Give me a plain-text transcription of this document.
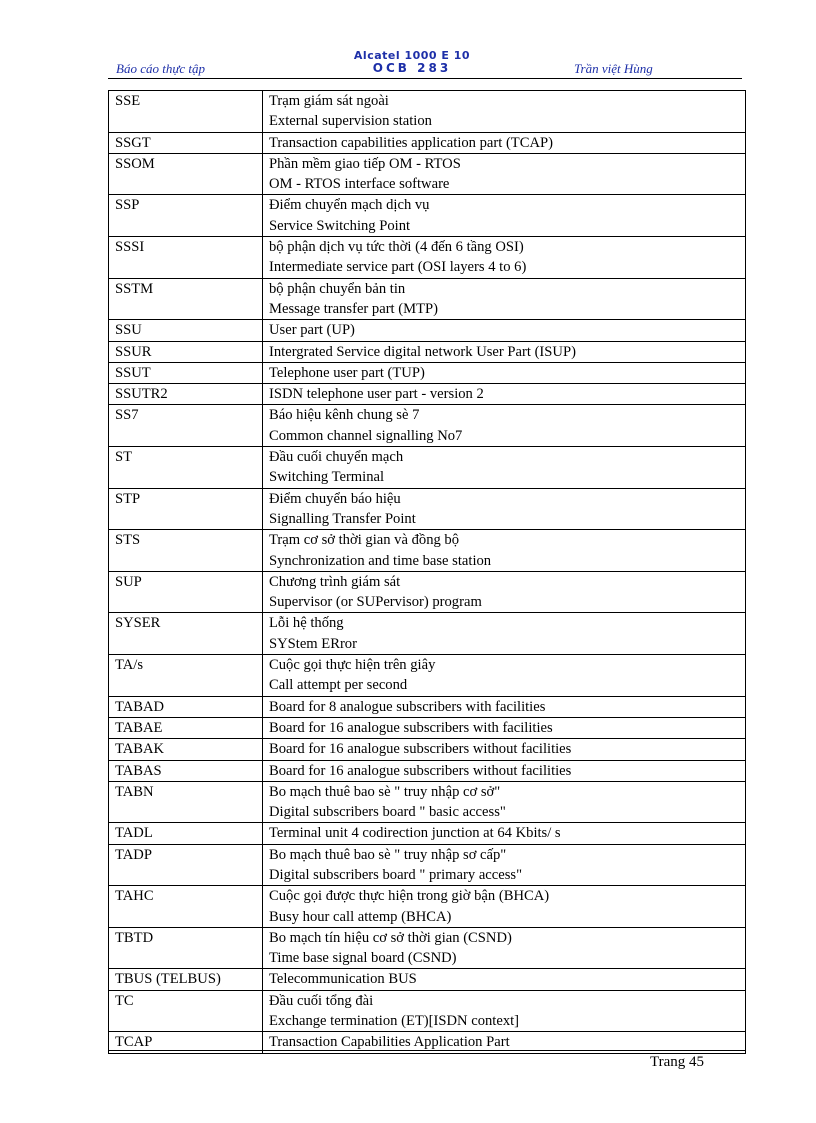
Báo cáo thực tập
Alcatel 1000 E 10
OCB 283	Trần việt Hùng
SSE	Trạm giám sát ngoài
External supervision station

SSGT	Transaction capabilities application part (TCAP)

SSOM	Phần mềm giao tiếp OM - RTOS
OM - RTOS interface software

SSP	Điểm chuyển mạch dịch vụ
Service Switching Point

SSSI	bộ phận dịch vụ tức thời (4 đến 6 tầng OSI)
Intermediate service part (OSI layers 4 to 6)

SSTM	bộ phận chuyển bản tin
Message transfer part (MTP)

SSU	User part (UP)

SSUR	Intergrated Service digital network User Part (ISUP)

SSUT	Telephone user part (TUP)

SSUTR2	ISDN telephone user part - version 2

SS7	Báo hiệu kênh chung sè 7
Common channel signalling No7

ST	Đầu cuối chuyển mạch
Switching Terminal

STP	Điểm chuyển báo hiệu
Signalling Transfer Point

STS	Trạm cơ sở thời gian và đồng bộ
Synchronization and time base station

SUP	Chương trình giám sát
Supervisor (or SUPervisor) program

SYSER	Lỗi hệ thống
SYStem ERror

TA/s	Cuộc gọi thực hiện trên giây
Call attempt per second

TABAD	Board for 8 analogue subscribers with facilities

TABAE	Board for 16 analogue subscribers with facilities

TABAK	Board for 16 analogue subscribers without facilities

TABAS	Board for 16 analogue subscribers without facilities

TABN	Bo mạch thuê bao sè " truy nhập cơ sở"
Digital subscribers board " basic access"

TADL	Terminal unit 4 codirection junction at 64 Kbits/ s

TADP	Bo mạch thuê bao sè " truy nhập sơ cấp"
Digital subscribers board " primary access"

TAHC	Cuộc gọi được thực hiện trong giờ bận (BHCA)
Busy hour call attemp (BHCA)

TBTD	Bo mạch tín hiệu cơ sở thời gian (CSND)
Time base signal board (CSND)

TBUS (TELBUS)	Telecommunication BUS

TC	Đầu cuối tổng đài
Exchange termination (ET)[ISDN context]

TCAP	Transaction Capabilities Application Part
Trang 45
